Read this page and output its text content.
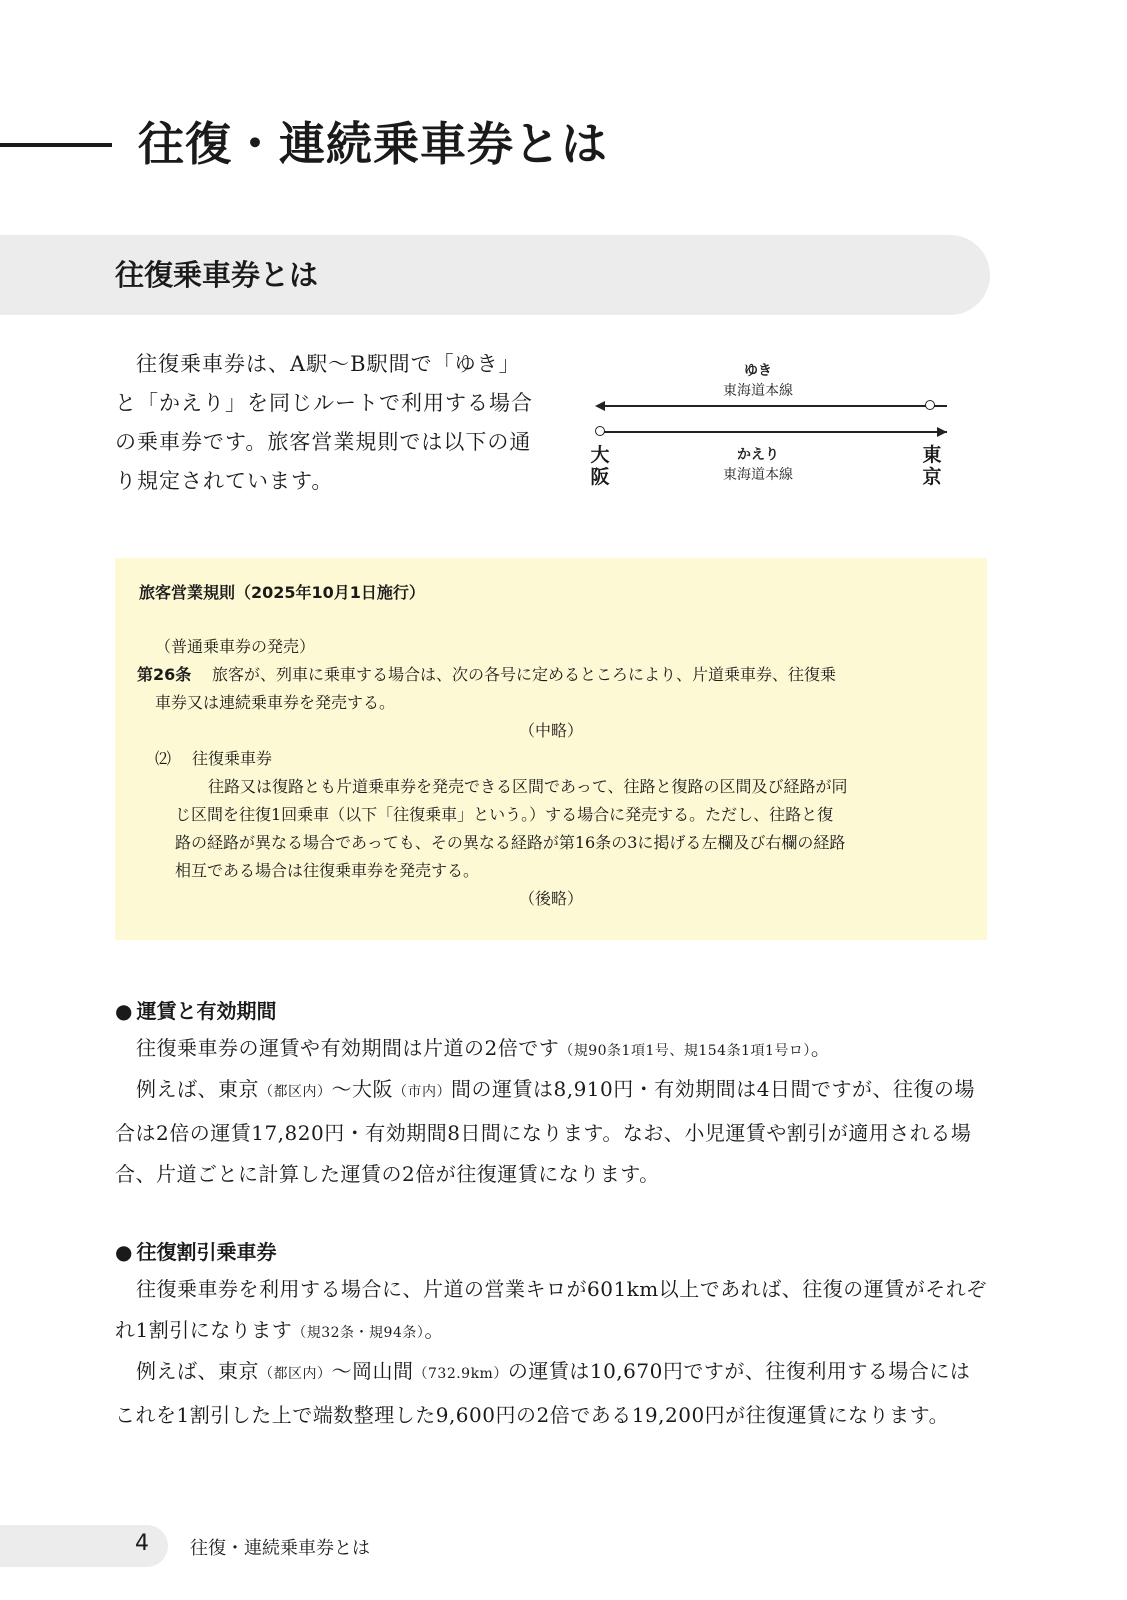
往復・連続乗車券とは
往復乗車券とは

往復乗車券は、A駅〜B駅間で「ゆき」と「かえり」を同じルートで利用する場合の乗車券です。旅客営業規則では以下の通り規定されています。

ゆき
東海道本線
かえり
東海道本線
大阪
東京

旅客営業規則（2025年10月1日施行）

（普通乗車券の発売）

第26条 旅客が、列車に乗車する場合は、次の各号に定めるところにより、片道乗車券、往復乗

車券又は連続乗車券を発売する。

（中略）

⑵ 往復乗車券

往路又は復路とも片道乗車券を発売できる区間であって、往路と復路の区間及び経路が同

じ区間を往復1回乗車（以下「往復乗車」という。）する場合に発売する。ただし、往路と復

路の経路が異なる場合であっても、その異なる経路が第16条の3に掲げる左欄及び右欄の経路

相互である場合は往復乗車券を発売する。

（後略）

● 運賃と有効期間

往復乗車券の運賃や有効期間は片道の2倍です（規90条1項1号、規154条1項1号ロ）。

例えば、東京（都区内）〜大阪（市内）間の運賃は8,910円・有効期間は4日間ですが、往復の場合は2倍の運賃17,820円・有効期間8日間になります。なお、小児運賃や割引が適用される場合、片道ごとに計算した運賃の2倍が往復運賃になります。

● 往復割引乗車券

往復乗車券を利用する場合に、片道の営業キロが601km以上であれば、往復の運賃がそれぞれ1割引になります（規32条・規94条）。

例えば、東京（都区内）〜岡山間（732.9km）の運賃は10,670円ですが、往復利用する場合にはこれを1割引した上で端数整理した9,600円の2倍である19,200円が往復運賃になります。

4 往復・連続乗車券とは
